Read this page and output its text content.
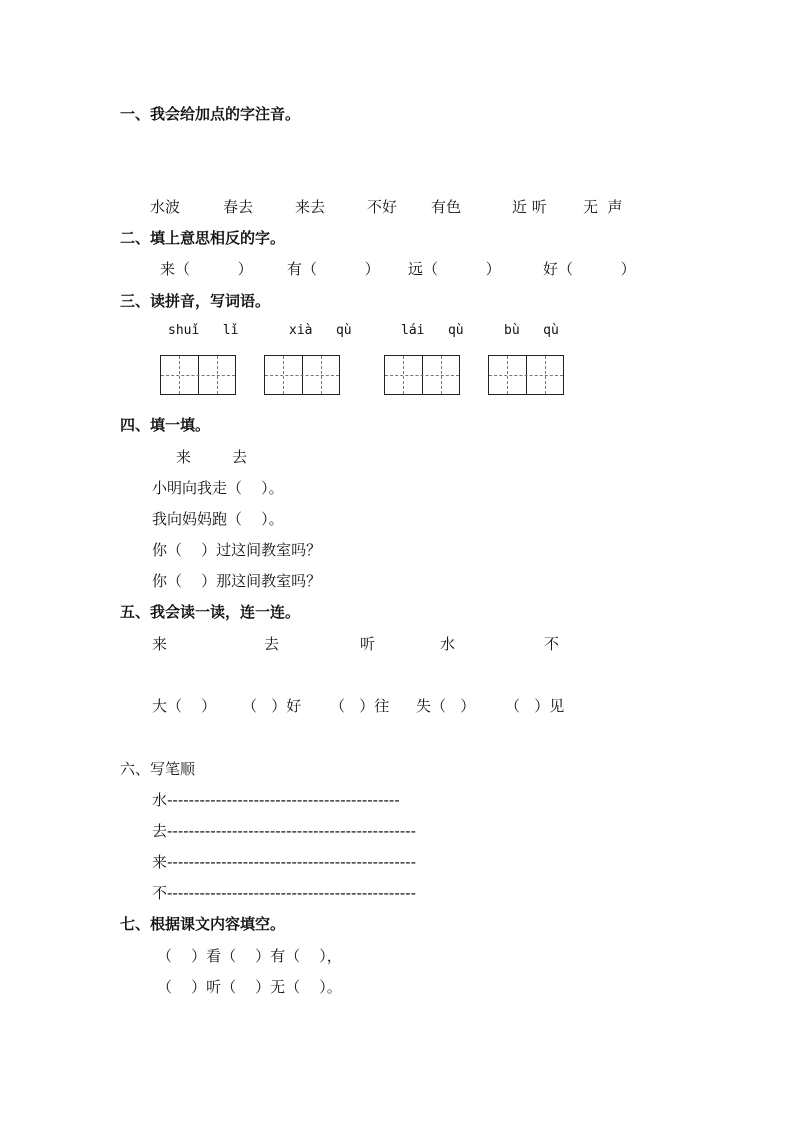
一、我会给加点的字注音。
水波	春去	来去	不好 有色	近 听 无  声
二、填上意思相反的字。
来（          ） 有（          ） 远（          ）	好（          ）
三、读拼音，写词语。
shuǐ   lǐ	xià   qù	lái   qù	bù   qù
四、填一填。
来	去
小明向我走（    ）。
我向妈妈跑（    ）。
你（    ）过这间教室吗？
你（    ）那这间教室吗？
五、我会读一读，连一连。
来	去	听	水	不
大（    ） （   ）好 （   ）往 失（   ） （   ）见
六、写笔顺
水-------------------------------------------
去----------------------------------------------
来----------------------------------------------
不----------------------------------------------
七、根据课文内容填空。
（    ）看（    ）有（    ），
（    ）听（    ）无（    ）。
